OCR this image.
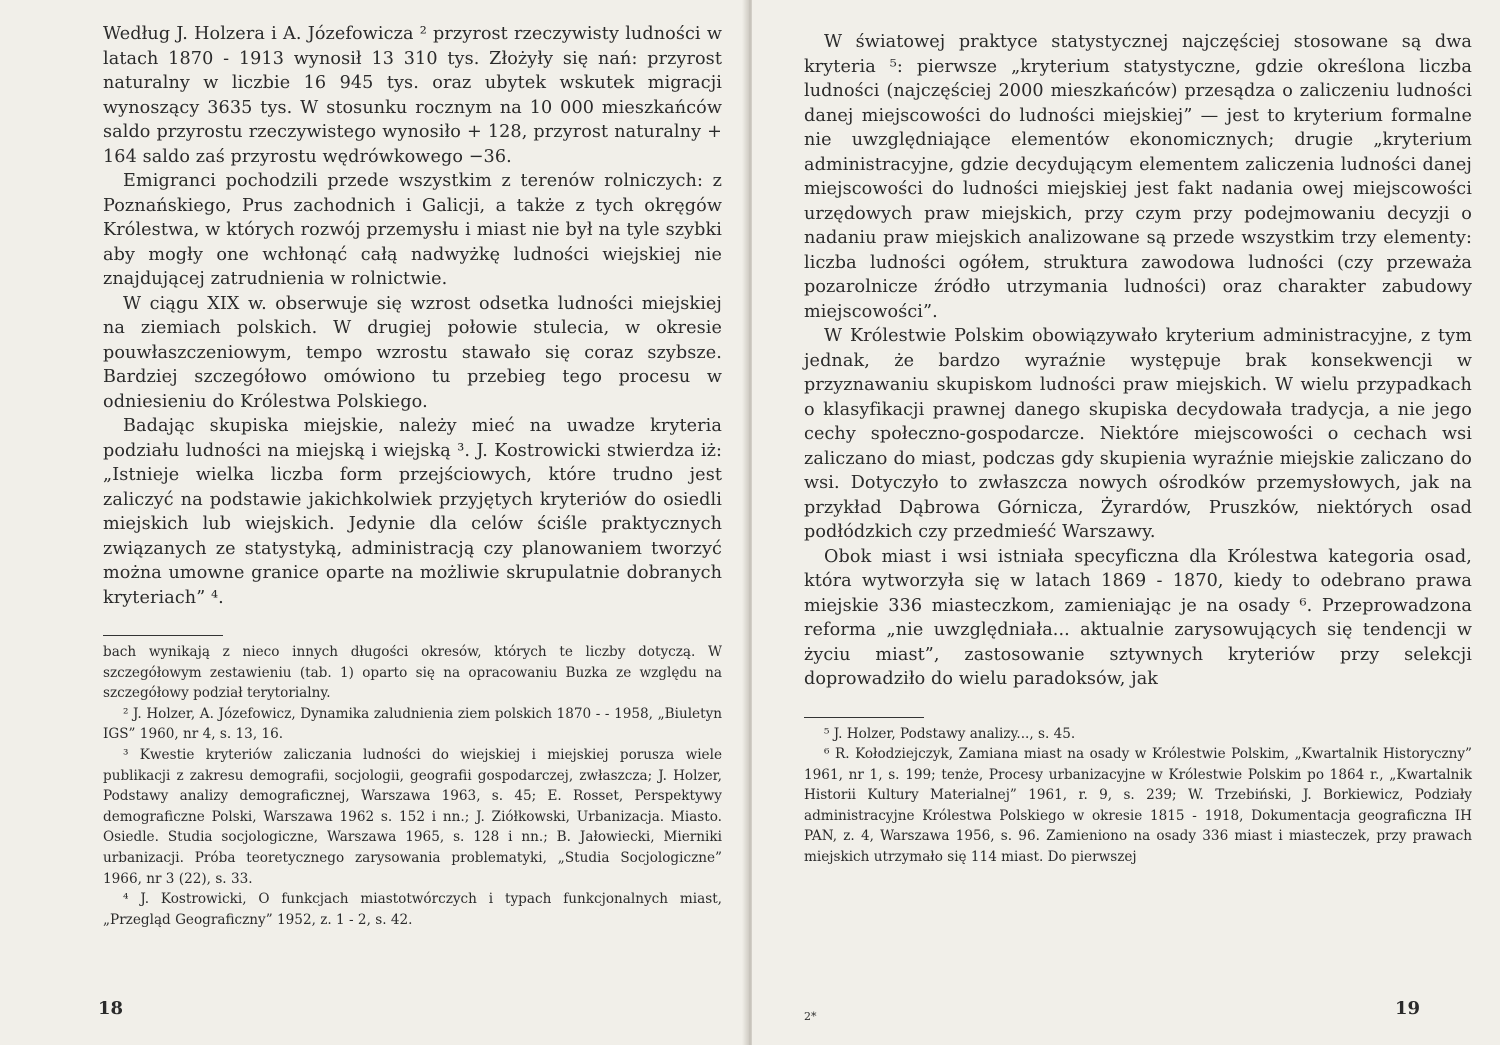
Według J. Holzera i A. Józefowicza ² przyrost rzeczywisty ludności w latach 1870 - 1913 wynosił 13 310 tys. Złożyły się nań: przyrost naturalny w liczbie 16 945 tys. oraz ubytek wskutek migracji wynoszący 3635 tys. W stosunku rocznym na 10 000 mieszkańców saldo przyrostu rzeczywistego wynosiło + 128, przyrost naturalny + 164 saldo zaś przyrostu wędrówkowego −36.

Emigranci pochodzili przede wszystkim z terenów rolniczych: z Poznańskiego, Prus zachodnich i Galicji, a także z tych okręgów Królestwa, w których rozwój przemysłu i miast nie był na tyle szybki aby mogły one wchłonąć całą nadwyżkę ludności wiejskiej nie znajdującej zatrudnienia w rolnictwie.

W ciągu XIX w. obserwuje się wzrost odsetka ludności miejskiej na ziemiach polskich. W drugiej połowie stulecia, w okresie pouwłaszczeniowym, tempo wzrostu stawało się coraz szybsze. Bardziej szczegółowo omówiono tu przebieg tego procesu w odniesieniu do Królestwa Polskiego.

Badając skupiska miejskie, należy mieć na uwadze kryteria podziału ludności na miejską i wiejską ³. J. Kostrowicki stwierdza iż: „Istnieje wielka liczba form przejściowych, które trudno jest zaliczyć na podstawie jakichkolwiek przyjętych kryteriów do osiedli miejskich lub wiejskich. Jedynie dla celów ściśle praktycznych związanych ze statystyką, administracją czy planowaniem tworzyć można umowne granice oparte na możliwie skrupulatnie dobranych kryteriach” ⁴.

bach wynikają z nieco innych długości okresów, których te liczby dotyczą. W szczegółowym zestawieniu (tab. 1) oparto się na opracowaniu Buzka ze względu na szczegółowy podział terytorialny.

² J. Holzer, A. Józefowicz, Dynamika zaludnienia ziem polskich 1870 - - 1958, „Biuletyn IGS” 1960, nr 4, s. 13, 16.

³ Kwestie kryteriów zaliczania ludności do wiejskiej i miejskiej porusza wiele publikacji z zakresu demografii, socjologii, geografii gospodarczej, zwłaszcza; J. Holzer, Podstawy analizy demograficznej, Warszawa 1963, s. 45; E. Rosset, Perspektywy demograficzne Polski, Warszawa 1962 s. 152 i nn.; J. Ziółkowski, Urbanizacja. Miasto. Osiedle. Studia socjologiczne, Warszawa 1965, s. 128 i nn.; B. Jałowiecki, Mierniki urbanizacji. Próba teoretycznego zarysowania problematyki, „Studia Socjologiczne” 1966, nr 3 (22), s. 33.

⁴ J. Kostrowicki, O funkcjach miastotwórczych i typach funkcjonalnych miast, „Przegląd Geograficzny” 1952, z. 1 - 2, s. 42.

18

W światowej praktyce statystycznej najczęściej stosowane są dwa kryteria ⁵: pierwsze „kryterium statystyczne, gdzie określona liczba ludności (najczęściej 2000 mieszkańców) przesądza o zaliczeniu ludności danej miejscowości do ludności miejskiej” — jest to kryterium formalne nie uwzględniające elementów ekonomicznych; drugie „kryterium administracyjne, gdzie decydującym elementem zaliczenia ludności danej miejscowości do ludności miejskiej jest fakt nadania owej miejscowości urzędowych praw miejskich, przy czym przy podejmowaniu decyzji o nadaniu praw miejskich analizowane są przede wszystkim trzy elementy: liczba ludności ogółem, struktura zawodowa ludności (czy przeważa pozarolnicze źródło utrzymania ludności) oraz charakter zabudowy miejscowości”.

W Królestwie Polskim obowiązywało kryterium administracyjne, z tym jednak, że bardzo wyraźnie występuje brak konsekwencji w przyznawaniu skupiskom ludności praw miejskich. W wielu przypadkach o klasyfikacji prawnej danego skupiska decydowała tradycja, a nie jego cechy społeczno-gospodarcze. Niektóre miejscowości o cechach wsi zaliczano do miast, podczas gdy skupienia wyraźnie miejskie zaliczano do wsi. Dotyczyło to zwłaszcza nowych ośrodków przemysłowych, jak na przykład Dąbrowa Górnicza, Żyrardów, Pruszków, niektórych osad podłódzkich czy przedmieść Warszawy.

Obok miast i wsi istniała specyficzna dla Królestwa kategoria osad, która wytworzyła się w latach 1869 - 1870, kiedy to odebrano prawa miejskie 336 miasteczkom, zamieniając je na osady ⁶. Przeprowadzona reforma „nie uwzględniała... aktualnie zarysowujących się tendencji w życiu miast”, zastosowanie sztywnych kryteriów przy selekcji doprowadziło do wielu paradoksów, jak

⁵ J. Holzer, Podstawy analizy..., s. 45.

⁶ R. Kołodziejczyk, Zamiana miast na osady w Królestwie Polskim, „Kwartalnik Historyczny” 1961, nr 1, s. 199; tenże, Procesy urbanizacyjne w Królestwie Polskim po 1864 r., „Kwartalnik Historii Kultury Materialnej” 1961, r. 9, s. 239; W. Trzebiński, J. Borkiewicz, Podziały administracyjne Królestwa Polskiego w okresie 1815 - 1918, Dokumentacja geograficzna IH PAN, z. 4, Warszawa 1956, s. 96. Zamieniono na osady 336 miast i miasteczek, przy prawach miejskich utrzymało się 114 miast. Do pierwszej

2*	19
